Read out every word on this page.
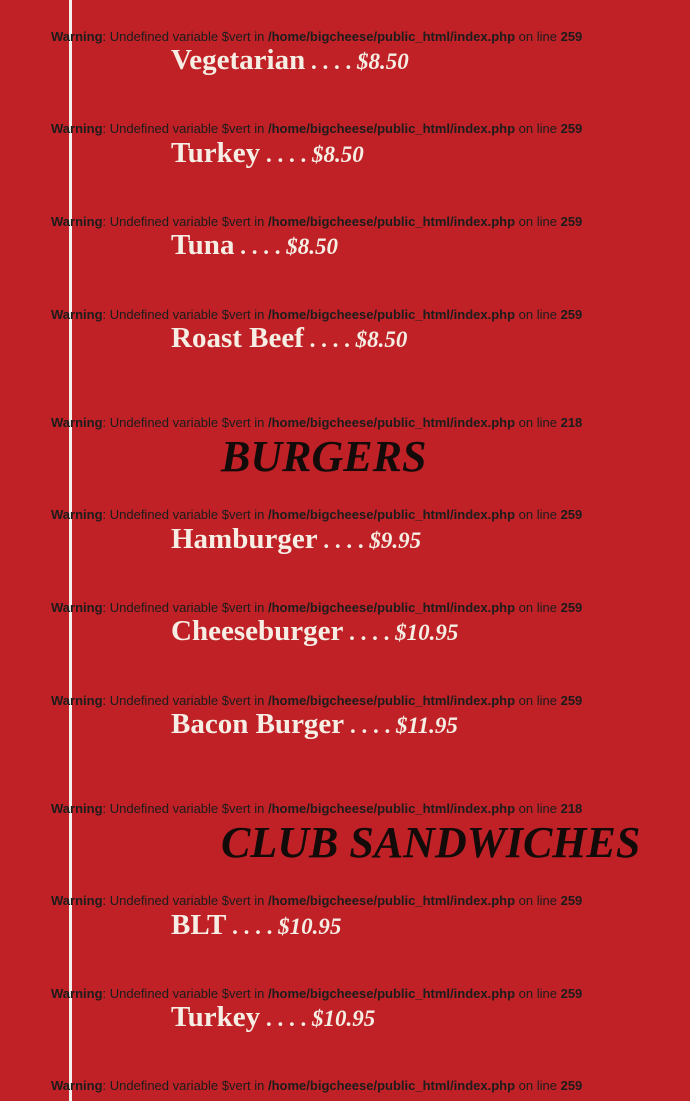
Warning: Undefined variable $vert in /home/bigcheese/public_html/index.php on line 259
Vegetarian . . . . $8.50
Warning: Undefined variable $vert in /home/bigcheese/public_html/index.php on line 259
Turkey . . . . $8.50
Warning: Undefined variable $vert in /home/bigcheese/public_html/index.php on line 259
Tuna . . . . $8.50
Warning: Undefined variable $vert in /home/bigcheese/public_html/index.php on line 259
Roast Beef . . . . $8.50
Warning: Undefined variable $vert in /home/bigcheese/public_html/index.php on line 218
BURGERS
Warning: Undefined variable $vert in /home/bigcheese/public_html/index.php on line 259
Hamburger . . . . $9.95
Warning: Undefined variable $vert in /home/bigcheese/public_html/index.php on line 259
Cheeseburger . . . . $10.95
Warning: Undefined variable $vert in /home/bigcheese/public_html/index.php on line 259
Bacon Burger . . . . $11.95
Warning: Undefined variable $vert in /home/bigcheese/public_html/index.php on line 218
CLUB SANDWICHES
Warning: Undefined variable $vert in /home/bigcheese/public_html/index.php on line 259
BLT . . . . $10.95
Warning: Undefined variable $vert in /home/bigcheese/public_html/index.php on line 259
Turkey . . . . $10.95
Warning: Undefined variable $vert in /home/bigcheese/public_html/index.php on line 259
